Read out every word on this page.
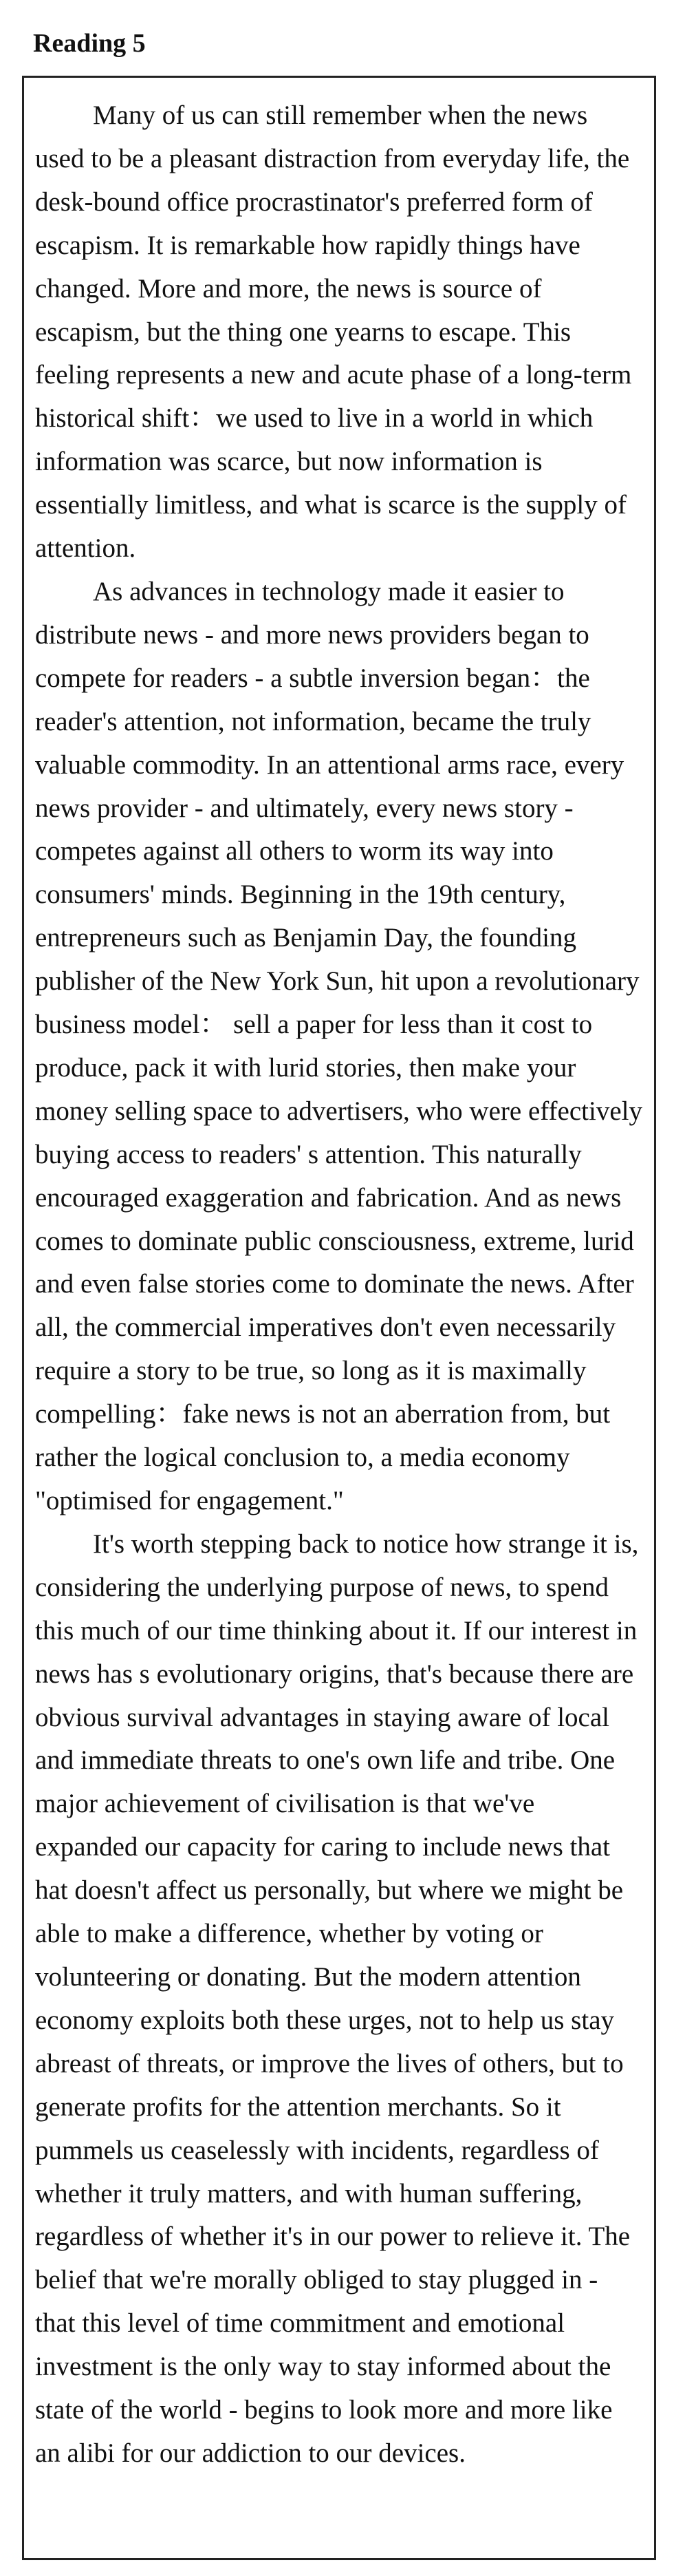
Reading 5

Many of us can still remember when the news used to be a pleasant distraction from everyday life, the desk-bound office procrastinator's preferred form of escapism. It is remarkable how rapidly things have changed. More and more, the news is source of escapism, but the thing one yearns to escape. This feeling represents a new and acute phase of a long-term historical shift：we used to live in a world in which information was scarce, but now information is essentially limitless, and what is scarce is the supply of attention.

As advances in technology made it easier to distribute news - and more news providers began to compete for readers - a subtle inversion began：the reader's attention, not information, became the truly valuable commodity. In an attentional arms race, every news provider - and ultimately, every news story -competes against all others to worm its way into consumers' minds. Beginning in the 19th century, entrepreneurs such as Benjamin Day, the founding publisher of the New York Sun, hit upon a revolutionary business model： sell a paper for less than it cost to produce, pack it with lurid stories, then make your money selling space to advertisers, who were effectively buying access to readers' s attention. This naturally encouraged exaggeration and fabrication. And as news comes to dominate public consciousness, extreme, lurid and even false stories come to dominate the news. After all, the commercial imperatives don't even necessarily require a story to be true, so long as it is maximally compelling：fake news is not an aberration from, but rather the logical conclusion to, a media economy "optimised for engagement."

It's worth stepping back to notice how strange it is, considering the underlying purpose of news, to spend this much of our time thinking about it. If our interest in news has s evolutionary origins, that's because there are obvious survival advantages in staying aware of local and immediate threats to one's own life and tribe. One major achievement of civilisation is that we've expanded our capacity for caring to include news that hat doesn't affect us personally, but where we might be able to make a difference, whether by voting or volunteering or donating. But the modern attention economy exploits both these urges, not to help us stay abreast of threats, or improve the lives of others, but to generate profits for the attention merchants. So it pummels us ceaselessly with incidents, regardless of whether it truly matters, and with human suffering, regardless of whether it's in our power to relieve it. The belief that we're morally obliged to stay plugged in - that this level of time commitment and emotional investment is the only way to stay informed about the state of the world - begins to look more and more like an alibi for our addiction to our devices.
